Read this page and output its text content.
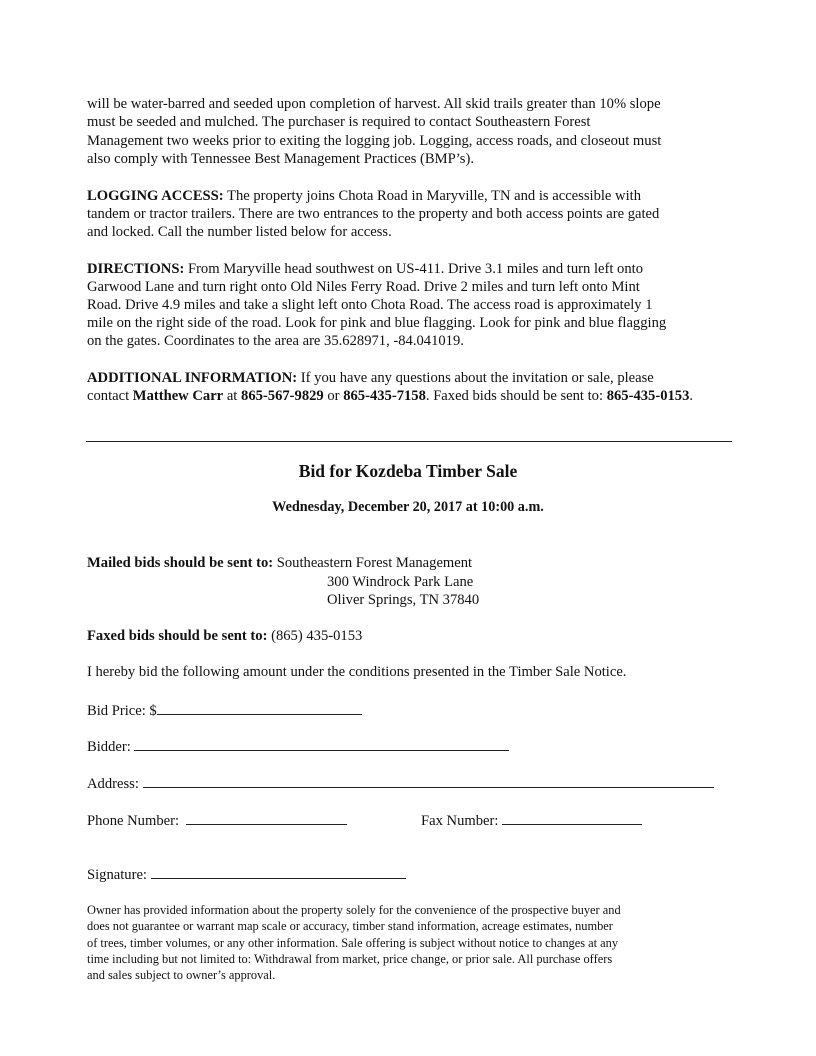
will be water-barred and seeded upon completion of harvest. All skid trails greater than 10% slope
must be seeded and mulched. The purchaser is required to contact Southeastern Forest
Management two weeks prior to exiting the logging job. Logging, access roads, and closeout must
also comply with Tennessee Best Management Practices (BMP’s).
LOGGING ACCESS: The property joins Chota Road in Maryville, TN and is accessible with
tandem or tractor trailers. There are two entrances to the property and both access points are gated
and locked. Call the number listed below for access.
DIRECTIONS: From Maryville head southwest on US-411. Drive 3.1 miles and turn left onto
Garwood Lane and turn right onto Old Niles Ferry Road. Drive 2 miles and turn left onto Mint
Road. Drive 4.9 miles and take a slight left onto Chota Road. The access road is approximately 1
mile on the right side of the road. Look for pink and blue flagging. Look for pink and blue flagging
on the gates. Coordinates to the area are 35.628971, -84.041019.
ADDITIONAL INFORMATION: If you have any questions about the invitation or sale, please
contact Matthew Carr at 865-567-9829 or 865-435-7158. Faxed bids should be sent to: 865-435-0153.
Bid for Kozdeba Timber Sale
Wednesday, December 20, 2017 at 10:00 a.m.
Mailed bids should be sent to: Southeastern Forest Management
300 Windrock Park Lane
Oliver Springs, TN 37840
Faxed bids should be sent to: (865) 435-0153
I hereby bid the following amount under the conditions presented in the Timber Sale Notice.
Bid Price: $
Bidder:
Address:
Phone Number:	Fax Number:
Signature:
Owner has provided information about the property solely for the convenience of the prospective buyer and
does not guarantee or warrant map scale or accuracy, timber stand information, acreage estimates, number
of trees, timber volumes, or any other information. Sale offering is subject without notice to changes at any
time including but not limited to: Withdrawal from market, price change, or prior sale. All purchase offers
and sales subject to owner’s approval.
